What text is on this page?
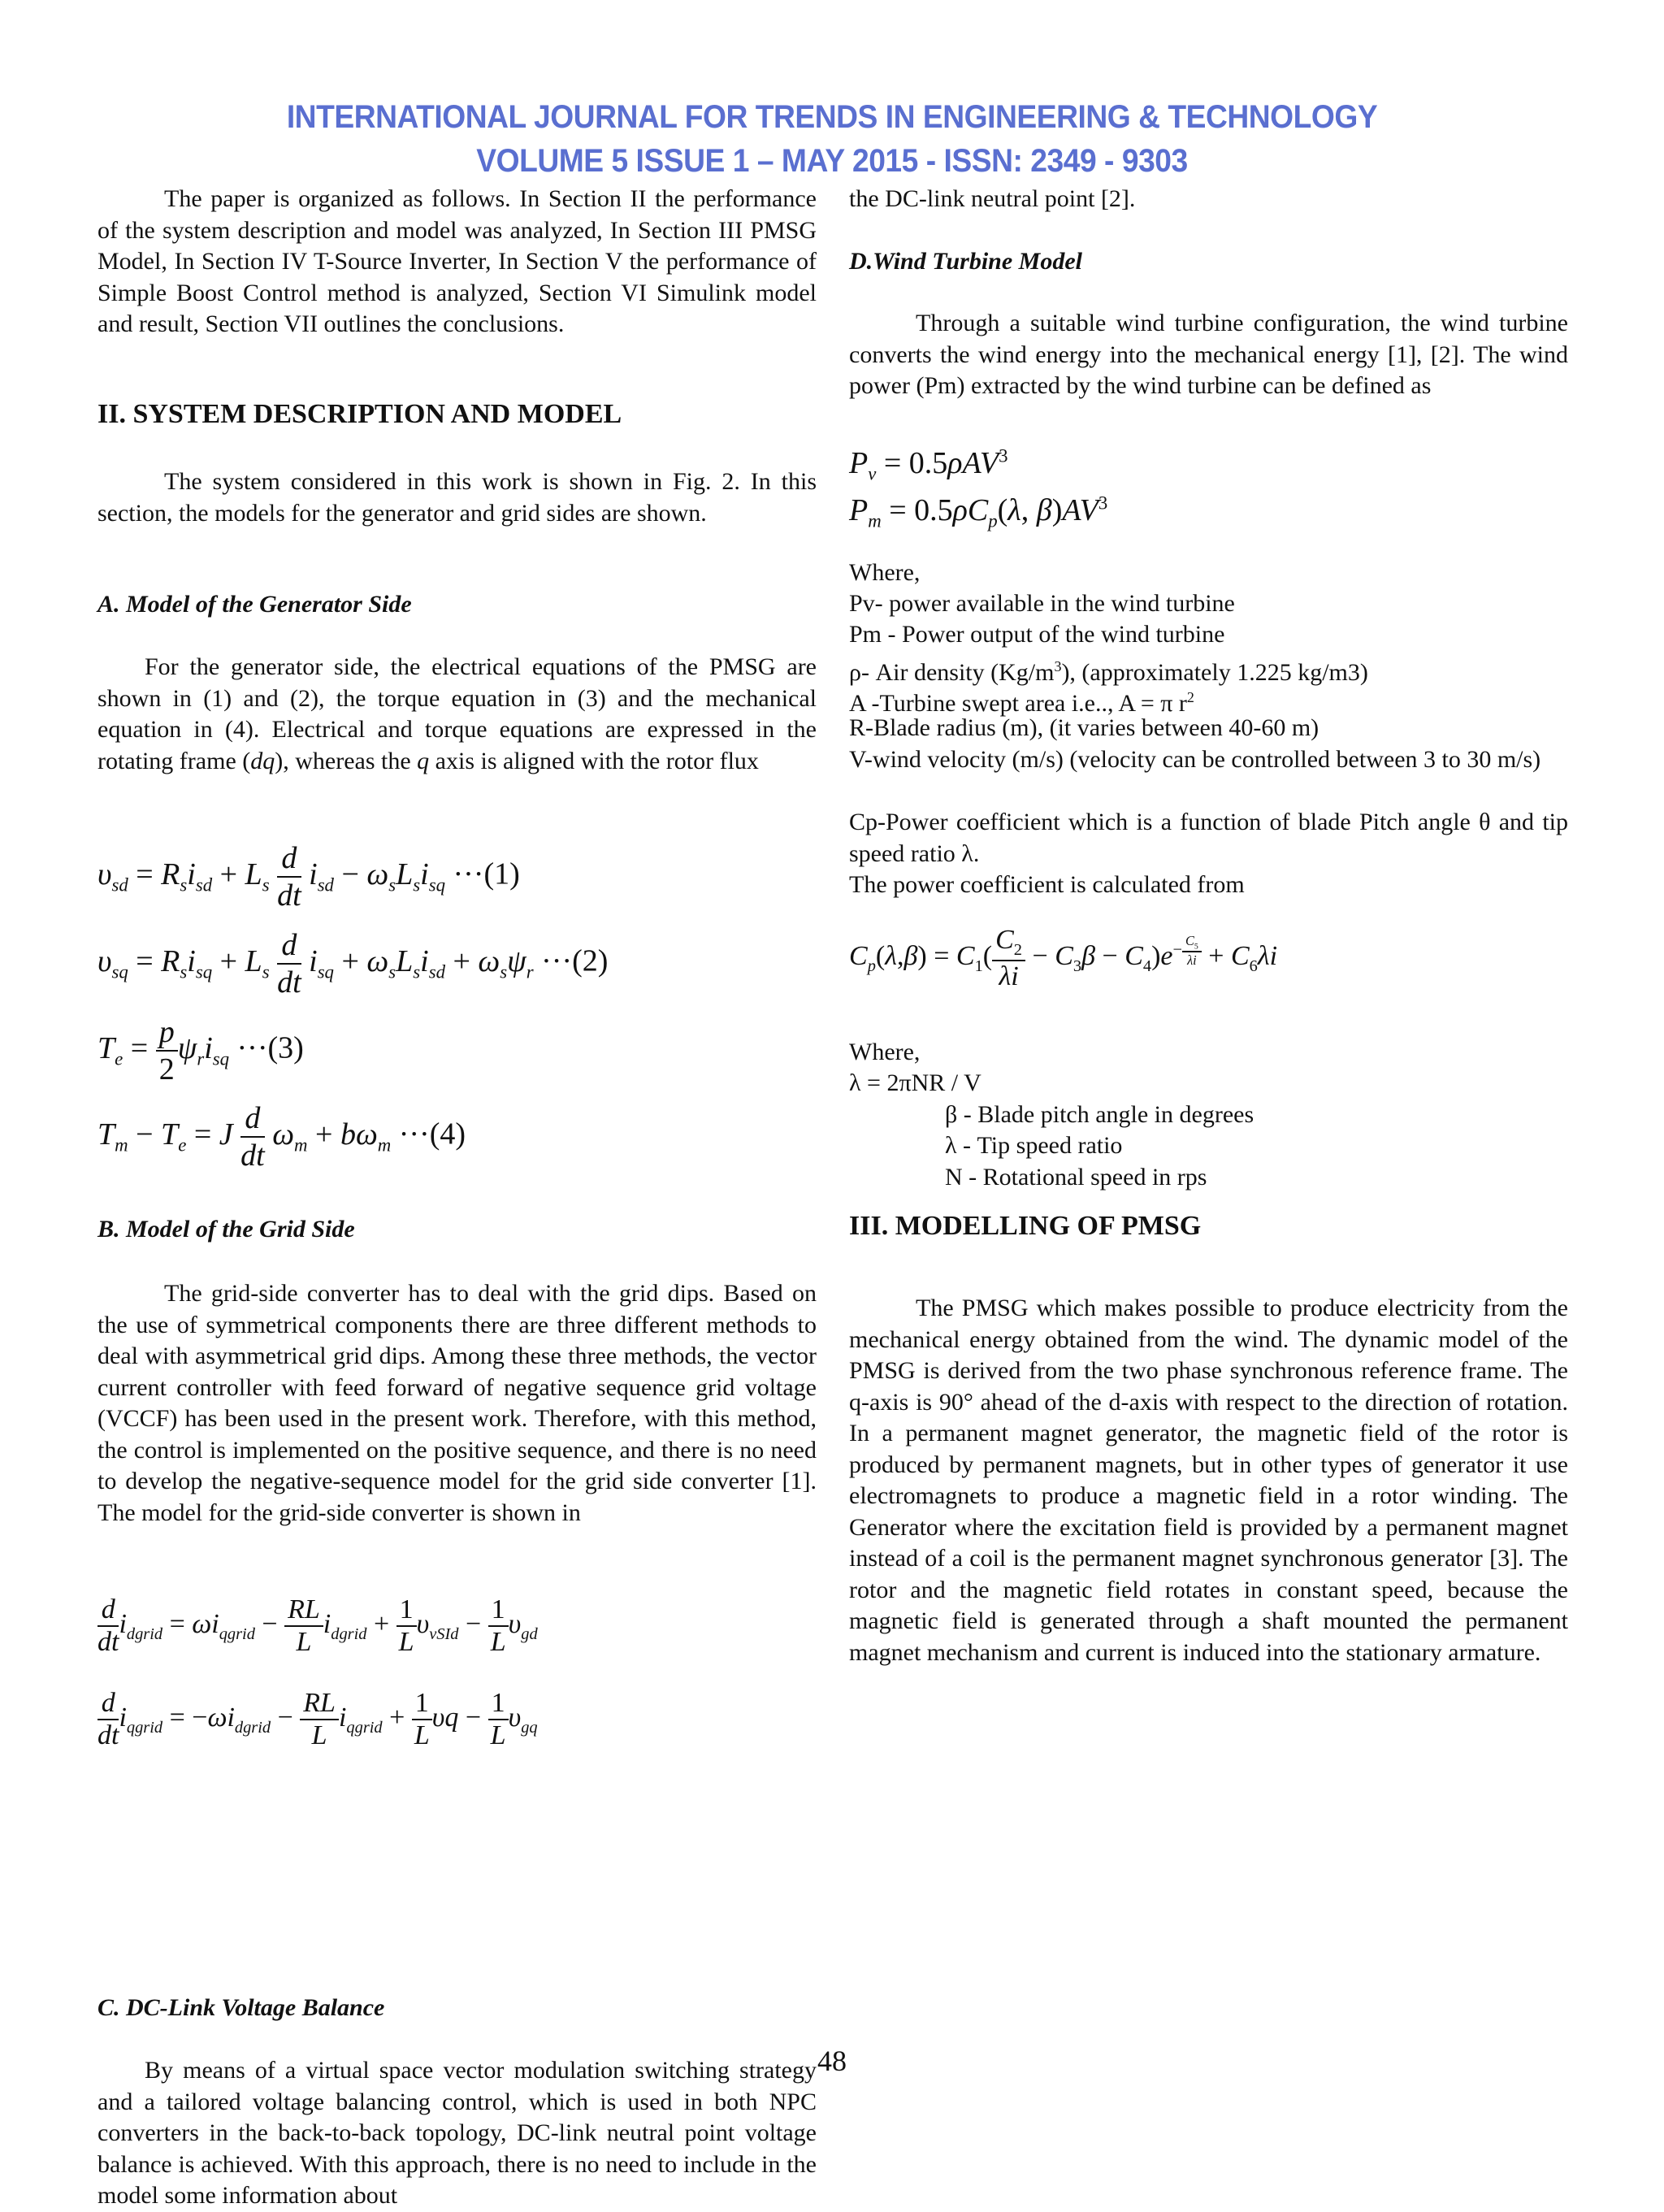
INTERNATIONAL JOURNAL FOR TRENDS IN ENGINEERING & TECHNOLOGY
VOLUME 5 ISSUE 1 – MAY 2015 - ISSN: 2349 - 9303

The paper is organized as follows. In Section II the performance of the system description and model was analyzed, In Section III PMSG Model, In Section IV T-Source Inverter, In Section V the performance of Simple Boost Control method is analyzed, Section VI Simulink model and result, Section VII outlines the conclusions.

II. SYSTEM DESCRIPTION AND MODEL

The system considered in this work is shown in Fig. 2. In this section, the models for the generator and grid sides are shown.

A. Model of the Generator Side

For the generator side, the electrical equations of the PMSG are shown in (1) and (2), the torque equation in (3) and the mechanical equation in (4). Electrical and torque equations are expressed in the rotating frame (dq), whereas the q axis is aligned with the rotor flux

$\upsilon_{sd} = R_si_{sd} + L_s \frac{d}{dt} i_{sd} - \omega_sL_si_{sq} \cdot\cdot\cdot(1)$
$\upsilon_{sq} = R_si_{sq} + L_s \frac{d}{dt} i_{sq} + \omega_sL_si_{sd} + \omega_s\psi_r \cdot\cdot\cdot(2)$
$T_e = \frac{p}{2} \psi_ri_{sq} \cdot\cdot\cdot(3)$
$T_m - T_e = J \frac{d}{dt} \omega_m + b\omega_m \cdot\cdot\cdot(4)$
B. Model of the Grid Side

The grid-side converter has to deal with the grid dips. Based on the use of symmetrical components there are three different methods to deal with asymmetrical grid dips. Among these three methods, the vector current controller with feed forward of negative sequence grid voltage (VCCF) has been used in the present work. Therefore, with this method, the control is implemented on the positive sequence, and there is no need to develop the negative-sequence model for the grid side converter [1]. The model for the grid-side converter is shown in

$\frac{d}{dt} i_{dgrid} = \omega i_{qgrid} - \frac{RL}{L} i_{dgrid} + \frac{1}{L} \upsilon_{vSId} - \frac{1}{L} \upsilon_{gd}$
$\frac{d}{dt} i_{qgrid} = -\omega i_{dgrid} - \frac{RL}{L} i_{qgrid} + \frac{1}{L}$ $\upsilon q - \frac{1}{L} \upsilon_{gq}$
C. DC-Link Voltage Balance

By means of a virtual space vector modulation switching strategy and a tailored voltage balancing control, which is used in both NPC converters in the back-to-back topology, DC-link neutral point voltage balance is achieved. With this approach, there is no need to include in the model some information about

the DC-link neutral point [2].

D.Wind Turbine Model

Through a suitable wind turbine configuration, the wind turbine converts the wind energy into the mechanical energy [1], [2]. The wind power (Pm) extracted by the wind turbine can be defined as

$P_v = 0.5\rho AV^3$
$P_m = 0.5\rho C_p(\lambda$, $\beta)AV^3$
Where,
Pv- power available in the wind turbine
Pm - Power output of the wind turbine
ρ- Air density $(Kg/m^3)$, (approximately 1.225 kg/m3)
A -Turbine swept area i.e.., A = π $r^2$
R-Blade radius (m), (it varies between 40-60 m)

V-wind velocity (m/s) (velocity can be controlled between 3 to 30 m/s)

Cp-Power coefficient which is a function of blade Pitch angle θ and tip speed ratio λ.

The power coefficient is calculated from
$C_p(\lambda,\beta) = C_1( \frac{C_2}{\lambda i} - C_3\beta - C_4)e^{- \frac{C_5}{\lambda i}} + C_6\lambda i$
Where,
λ = 2πNR / V
β - Blade pitch angle in degrees
λ - Tip speed ratio
N - Rotational speed in rps
III. MODELLING OF PMSG

The PMSG which makes possible to produce electricity from the mechanical energy obtained from the wind. The dynamic model of the PMSG is derived from the two phase synchronous reference frame. The q-axis is 90° ahead of the d-axis with respect to the direction of rotation. In a permanent magnet generator, the magnetic field of the rotor is produced by permanent magnets, but in other types of generator it use electromagnets to produce a magnetic field in a rotor winding. The Generator where the excitation field is provided by a permanent magnet instead of a coil is the permanent magnet synchronous generator [3]. The rotor and the magnetic field rotates in constant speed, because the magnetic field is generated through a shaft mounted the permanent magnet mechanism and current is induced into the stationary armature.

48
